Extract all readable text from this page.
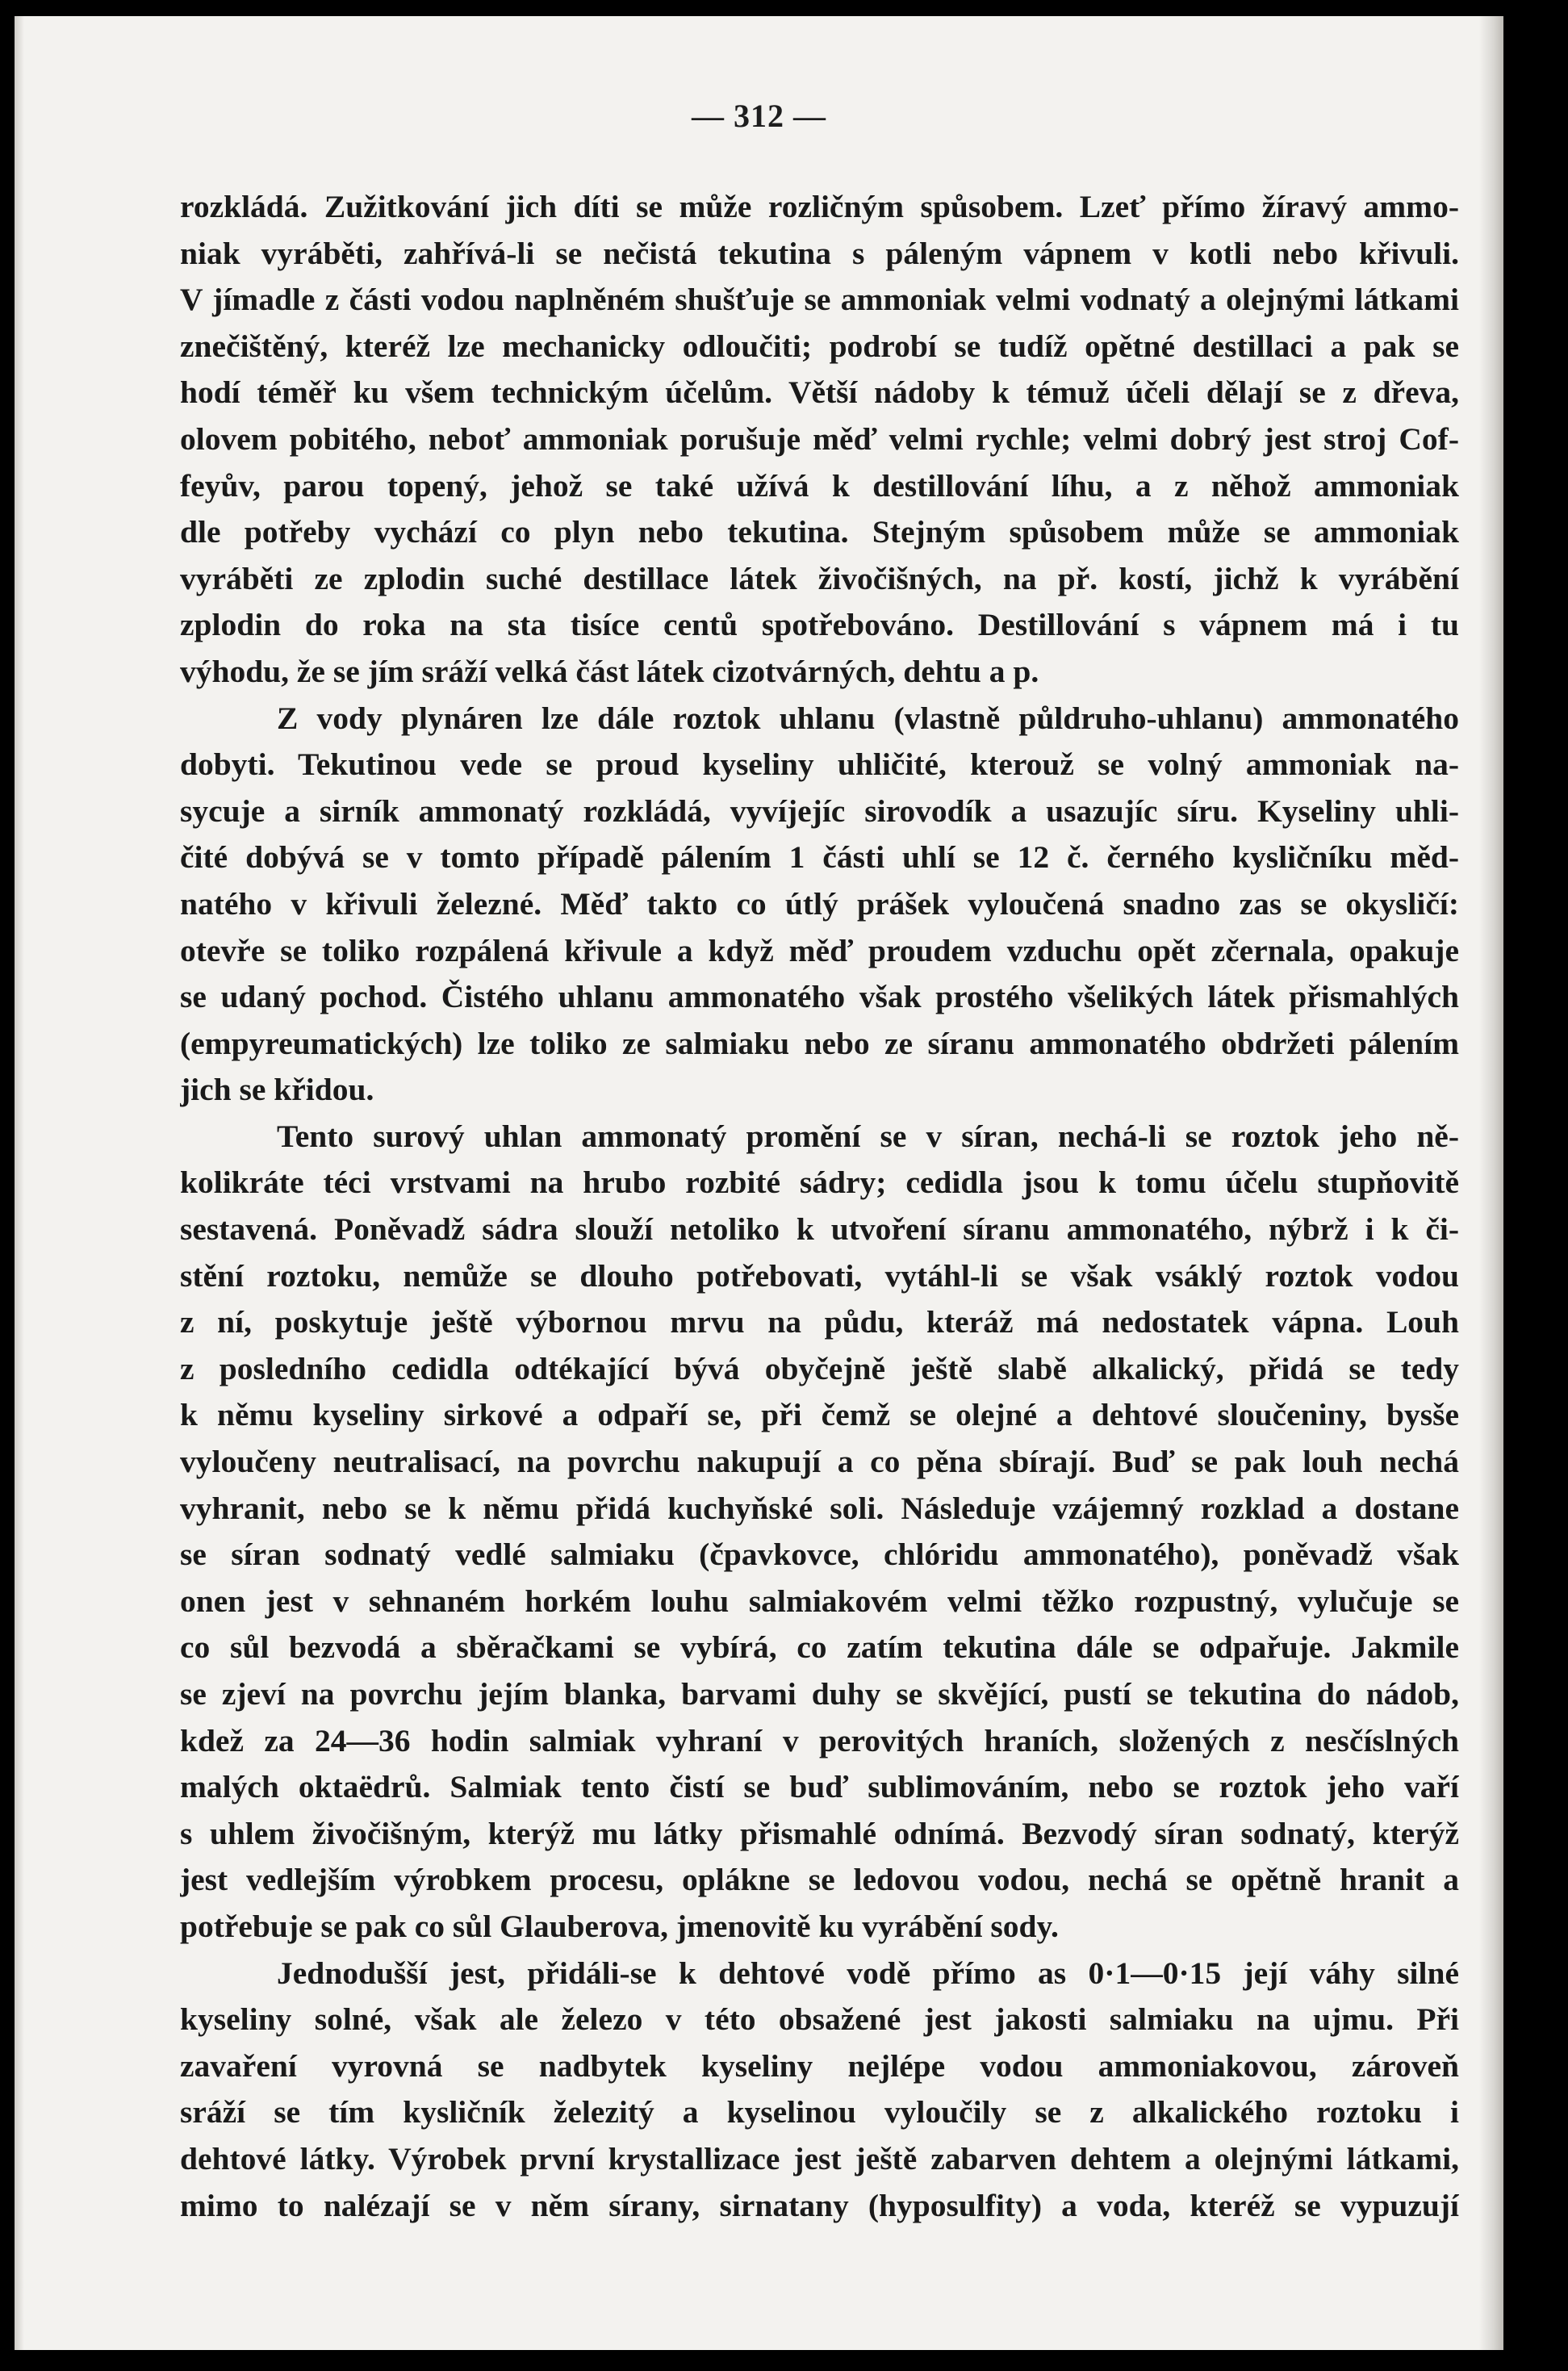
— 312 —
rozkládá. Zužitkování jich díti se může rozličným spůsobem. Lzeť přímo žíravý ammo-
niak vyráběti, zahřívá-li se nečistá tekutina s páleným vápnem v kotli nebo křivuli.
V jímadle z části vodou naplněném shušťuje se ammoniak velmi vodnatý a olejnými látkami
znečištěný, kteréž lze mechanicky odloučiti; podrobí se tudíž opětné destillaci a pak se
hodí téměř ku všem technickým účelům. Větší nádoby k témuž účeli dělají se z dřeva,
olovem pobitého, neboť ammoniak porušuje měď velmi rychle; velmi dobrý jest stroj Cof-
feyův, parou topený, jehož se také užívá k destillování líhu, a z něhož ammoniak
dle potřeby vychází co plyn nebo tekutina. Stejným spůsobem může se ammoniak
vyráběti ze zplodin suché destillace látek živočišných, na př. kostí, jichž k vyrábění
zplodin do roka na sta tisíce centů spotřebováno. Destillování s vápnem má i tu
výhodu, že se jím sráží velká část látek cizotvárných, dehtu a p.
Z vody plynáren lze dále roztok uhlanu (vlastně půldruho-uhlanu) ammonatého
dobyti. Tekutinou vede se proud kyseliny uhličité, kterouž se volný ammoniak na-
sycuje a sirník ammonatý rozkládá, vyvíjejíc sirovodík a usazujíc síru. Kyseliny uhli-
čité dobývá se v tomto případě pálením 1 části uhlí se 12 č. černého kysličníku měd-
natého v křivuli železné. Měď takto co útlý prášek vyloučená snadno zas se okysličí:
otevře se toliko rozpálená křivule a když měď proudem vzduchu opět zčernala, opakuje
se udaný pochod. Čistého uhlanu ammonatého však prostého všelikých látek přismahlých
(empyreumatických) lze toliko ze salmiaku nebo ze síranu ammonatého obdržeti pálením
jich se křidou.
Tento surový uhlan ammonatý promění se v síran, nechá-li se roztok jeho ně-
kolikráte téci vrstvami na hrubo rozbité sádry; cedidla jsou k tomu účelu stupňovitě
sestavená. Poněvadž sádra slouží netoliko k utvoření síranu ammonatého, nýbrž i k či-
stění roztoku, nemůže se dlouho potřebovati, vytáhl-li se však vsáklý roztok vodou
z ní, poskytuje ještě výbornou mrvu na půdu, kteráž má nedostatek vápna. Louh
z posledního cedidla odtékající bývá obyčejně ještě slabě alkalický, přidá se tedy
k němu kyseliny sirkové a odpaří se, při čemž se olejné a dehtové sloučeniny, bysše
vyloučeny neutralisací, na povrchu nakupují a co pěna sbírají. Buď se pak louh nechá
vyhranit, nebo se k němu přidá kuchyňské soli. Následuje vzájemný rozklad a dostane
se síran sodnatý vedlé salmiaku (čpavkovce, chlóridu ammonatého), poněvadž však
onen jest v sehnaném horkém louhu salmiakovém velmi těžko rozpustný, vylučuje se
co sůl bezvodá a sběračkami se vybírá, co zatím tekutina dále se odpařuje. Jakmile
se zjeví na povrchu jejím blanka, barvami duhy se skvějící, pustí se tekutina do nádob,
kdež za 24—36 hodin salmiak vyhraní v perovitých hraních, složených z nesčíslných
malých oktaëdrů. Salmiak tento čistí se buď sublimováním, nebo se roztok jeho vaří
s uhlem živočišným, kterýž mu látky přismahlé odnímá. Bezvodý síran sodnatý, kterýž
jest vedlejším výrobkem procesu, oplákne se ledovou vodou, nechá se opětně hranit a
potřebuje se pak co sůl Glauberova, jmenovitě ku vyrábění sody.
Jednodušší jest, přidáli-se k dehtové vodě přímo as 0·1—0·15 její váhy silné
kyseliny solné, však ale železo v této obsažené jest jakosti salmiaku na ujmu. Při
zavaření vyrovná se nadbytek kyseliny nejlépe vodou ammoniakovou, zároveň
sráží se tím kysličník železitý a kyselinou vyloučily se z alkalického roztoku i
dehtové látky. Výrobek první krystallizace jest ještě zabarven dehtem a olejnými látkami,
mimo to nalézají se v něm sírany, sirnatany (hyposulfity) a voda, kteréž se vypuzují
